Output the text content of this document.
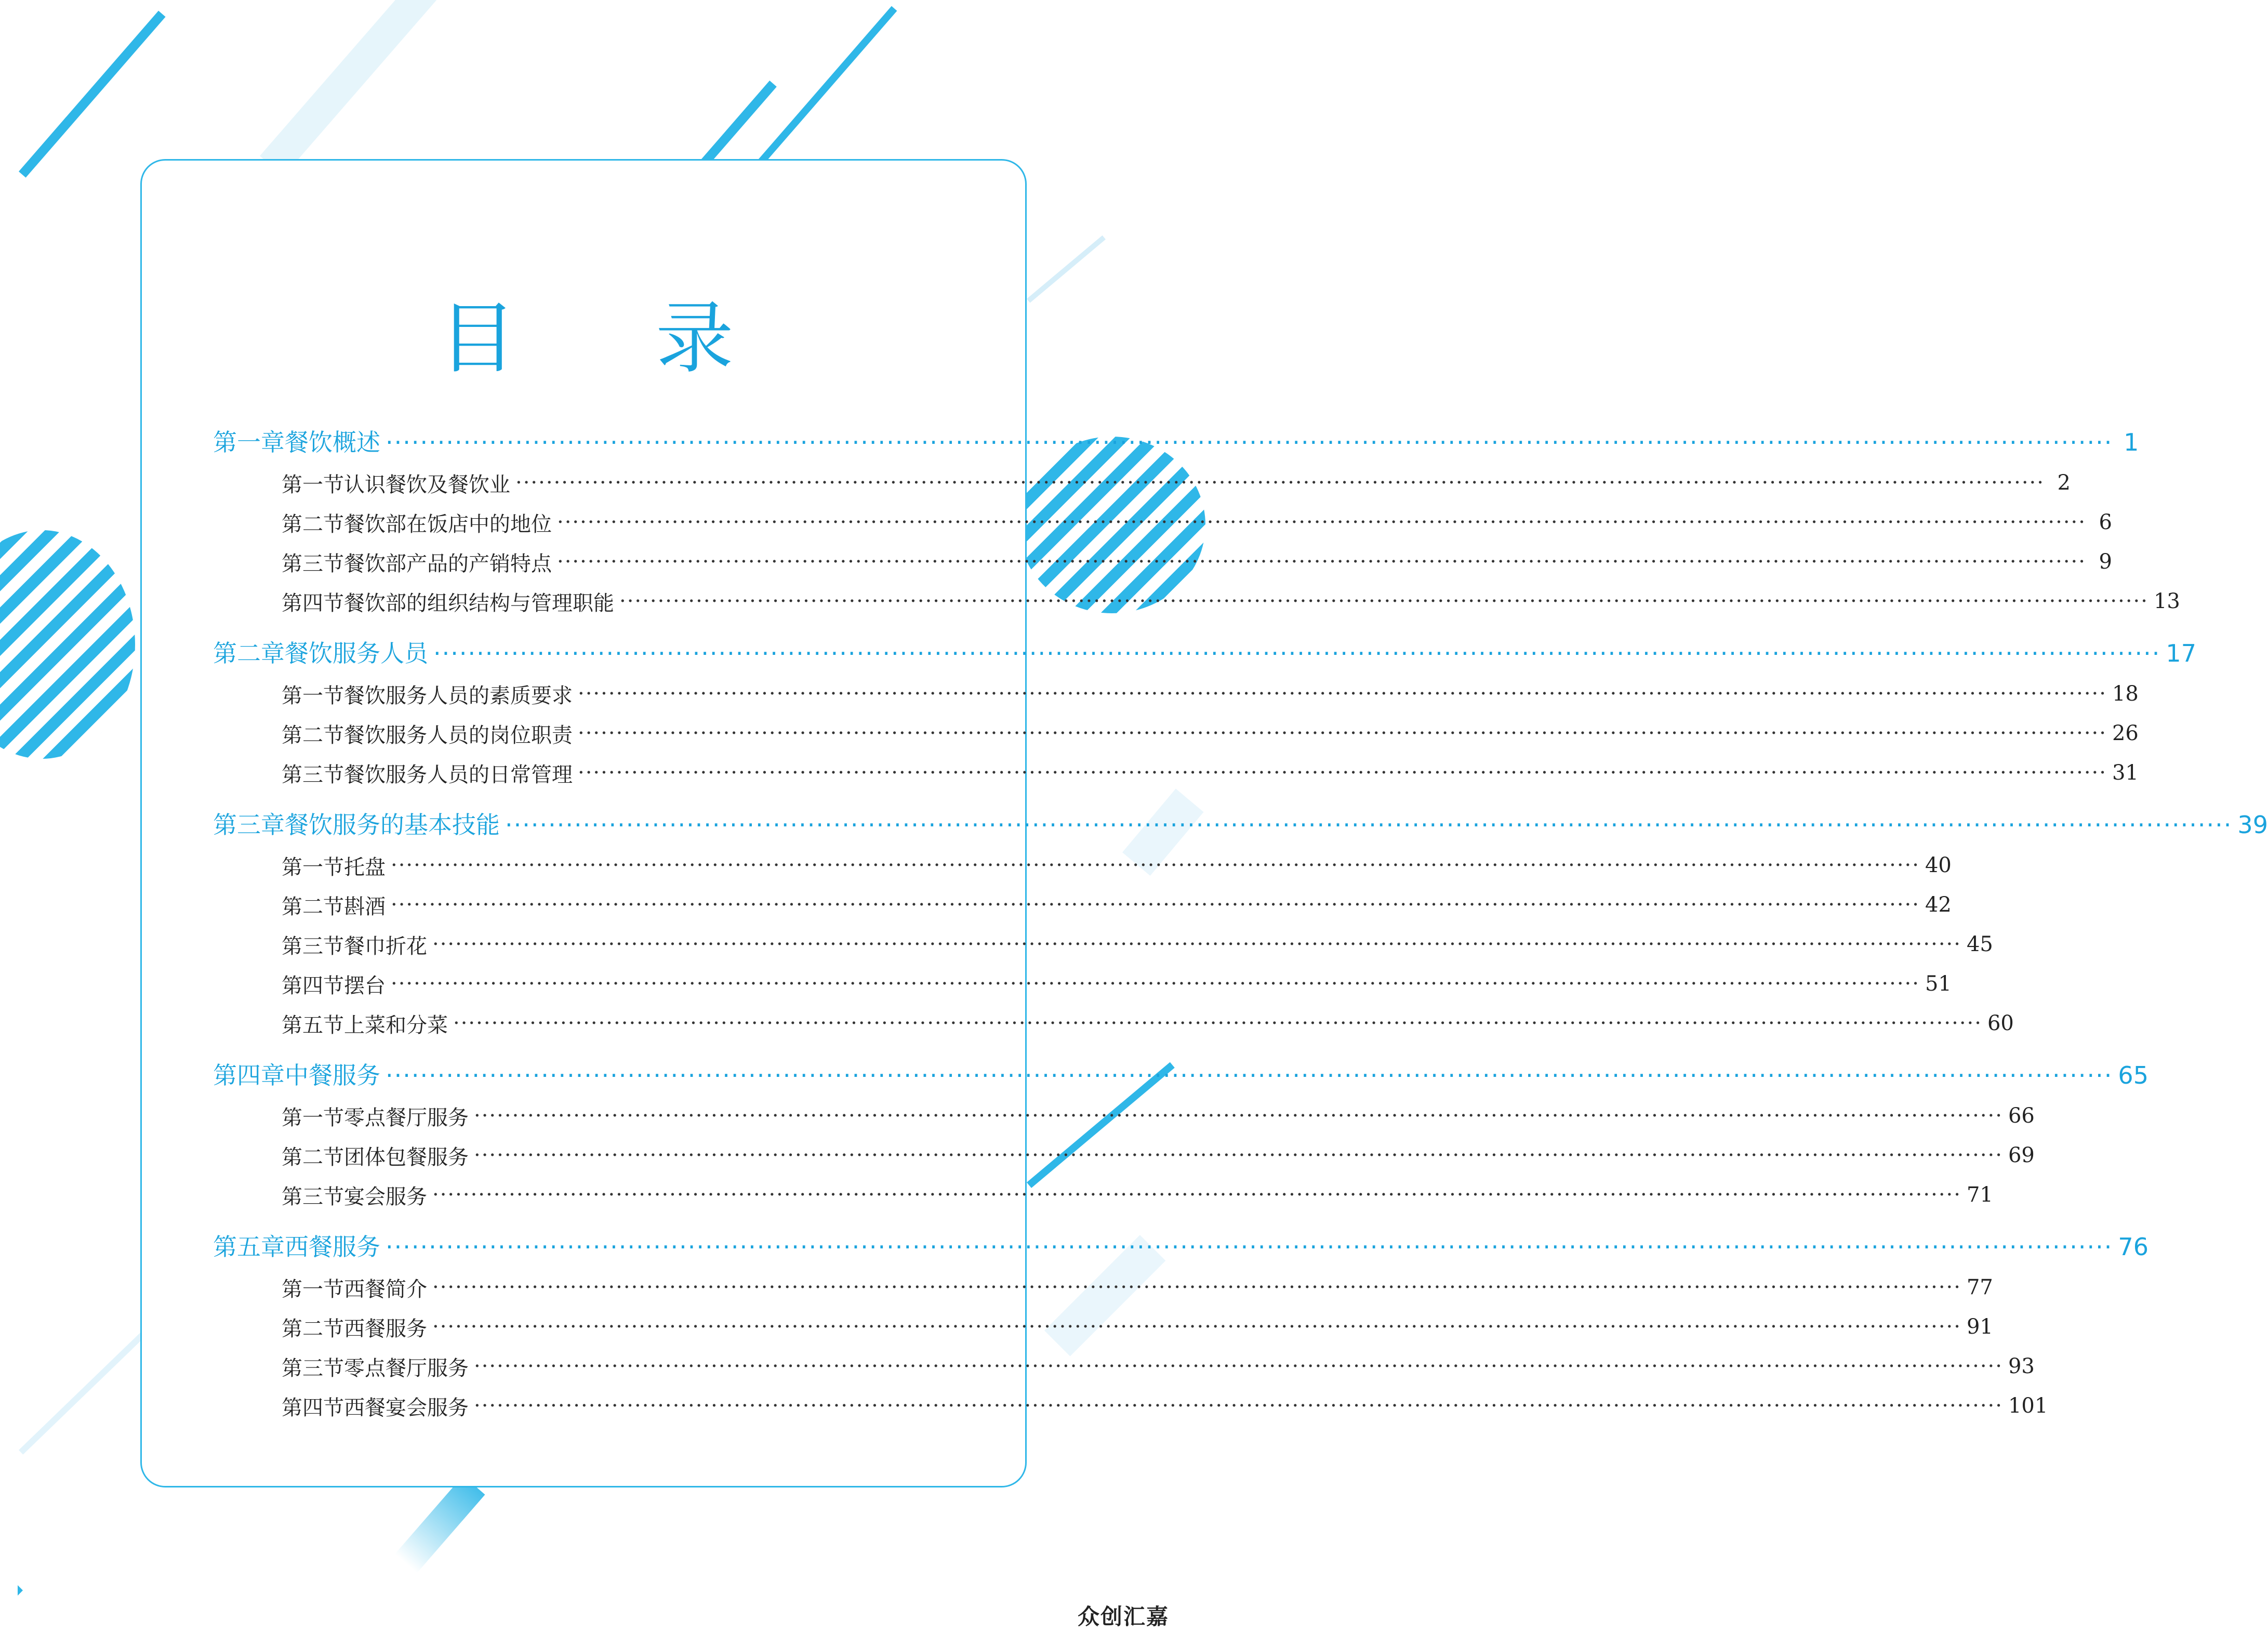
目 录
第一章 餐饮概述 ········································································································································································································ 1
第一节 认识餐饮及餐饮业 ········································································································································································································ 2
第二节 餐饮部在饭店中的地位 ········································································································································································································ 6
第三节 餐饮部产品的产销特点 ········································································································································································································ 9
第四节 餐饮部的组织结构与管理职能 ········································································································································································································ 13
第二章 餐饮服务人员 ········································································································································································································ 17
第一节 餐饮服务人员的素质要求 ········································································································································································································ 18
第二节 餐饮服务人员的岗位职责 ········································································································································································································ 26
第三节 餐饮服务人员的日常管理 ········································································································································································································ 31
第三章 餐饮服务的基本技能 ········································································································································································································ 39
第一节 托盘 ········································································································································································································ 40
第二节 斟酒 ········································································································································································································ 42
第三节 餐巾折花 ········································································································································································································ 45
第四节 摆台 ········································································································································································································ 51
第五节 上菜和分菜 ········································································································································································································ 60
第四章 中餐服务 ········································································································································································································ 65
第一节 零点餐厅服务 ········································································································································································································ 66
第二节 团体包餐服务 ········································································································································································································ 69
第三节 宴会服务 ········································································································································································································ 71
第五章 西餐服务 ········································································································································································································ 76
第一节 西餐简介 ········································································································································································································ 77
第二节 西餐服务 ········································································································································································································ 91
第三节 零点餐厅服务 ········································································································································································································ 93
第四节 西餐宴会服务 ········································································································································································································ 101
众创汇嘉
